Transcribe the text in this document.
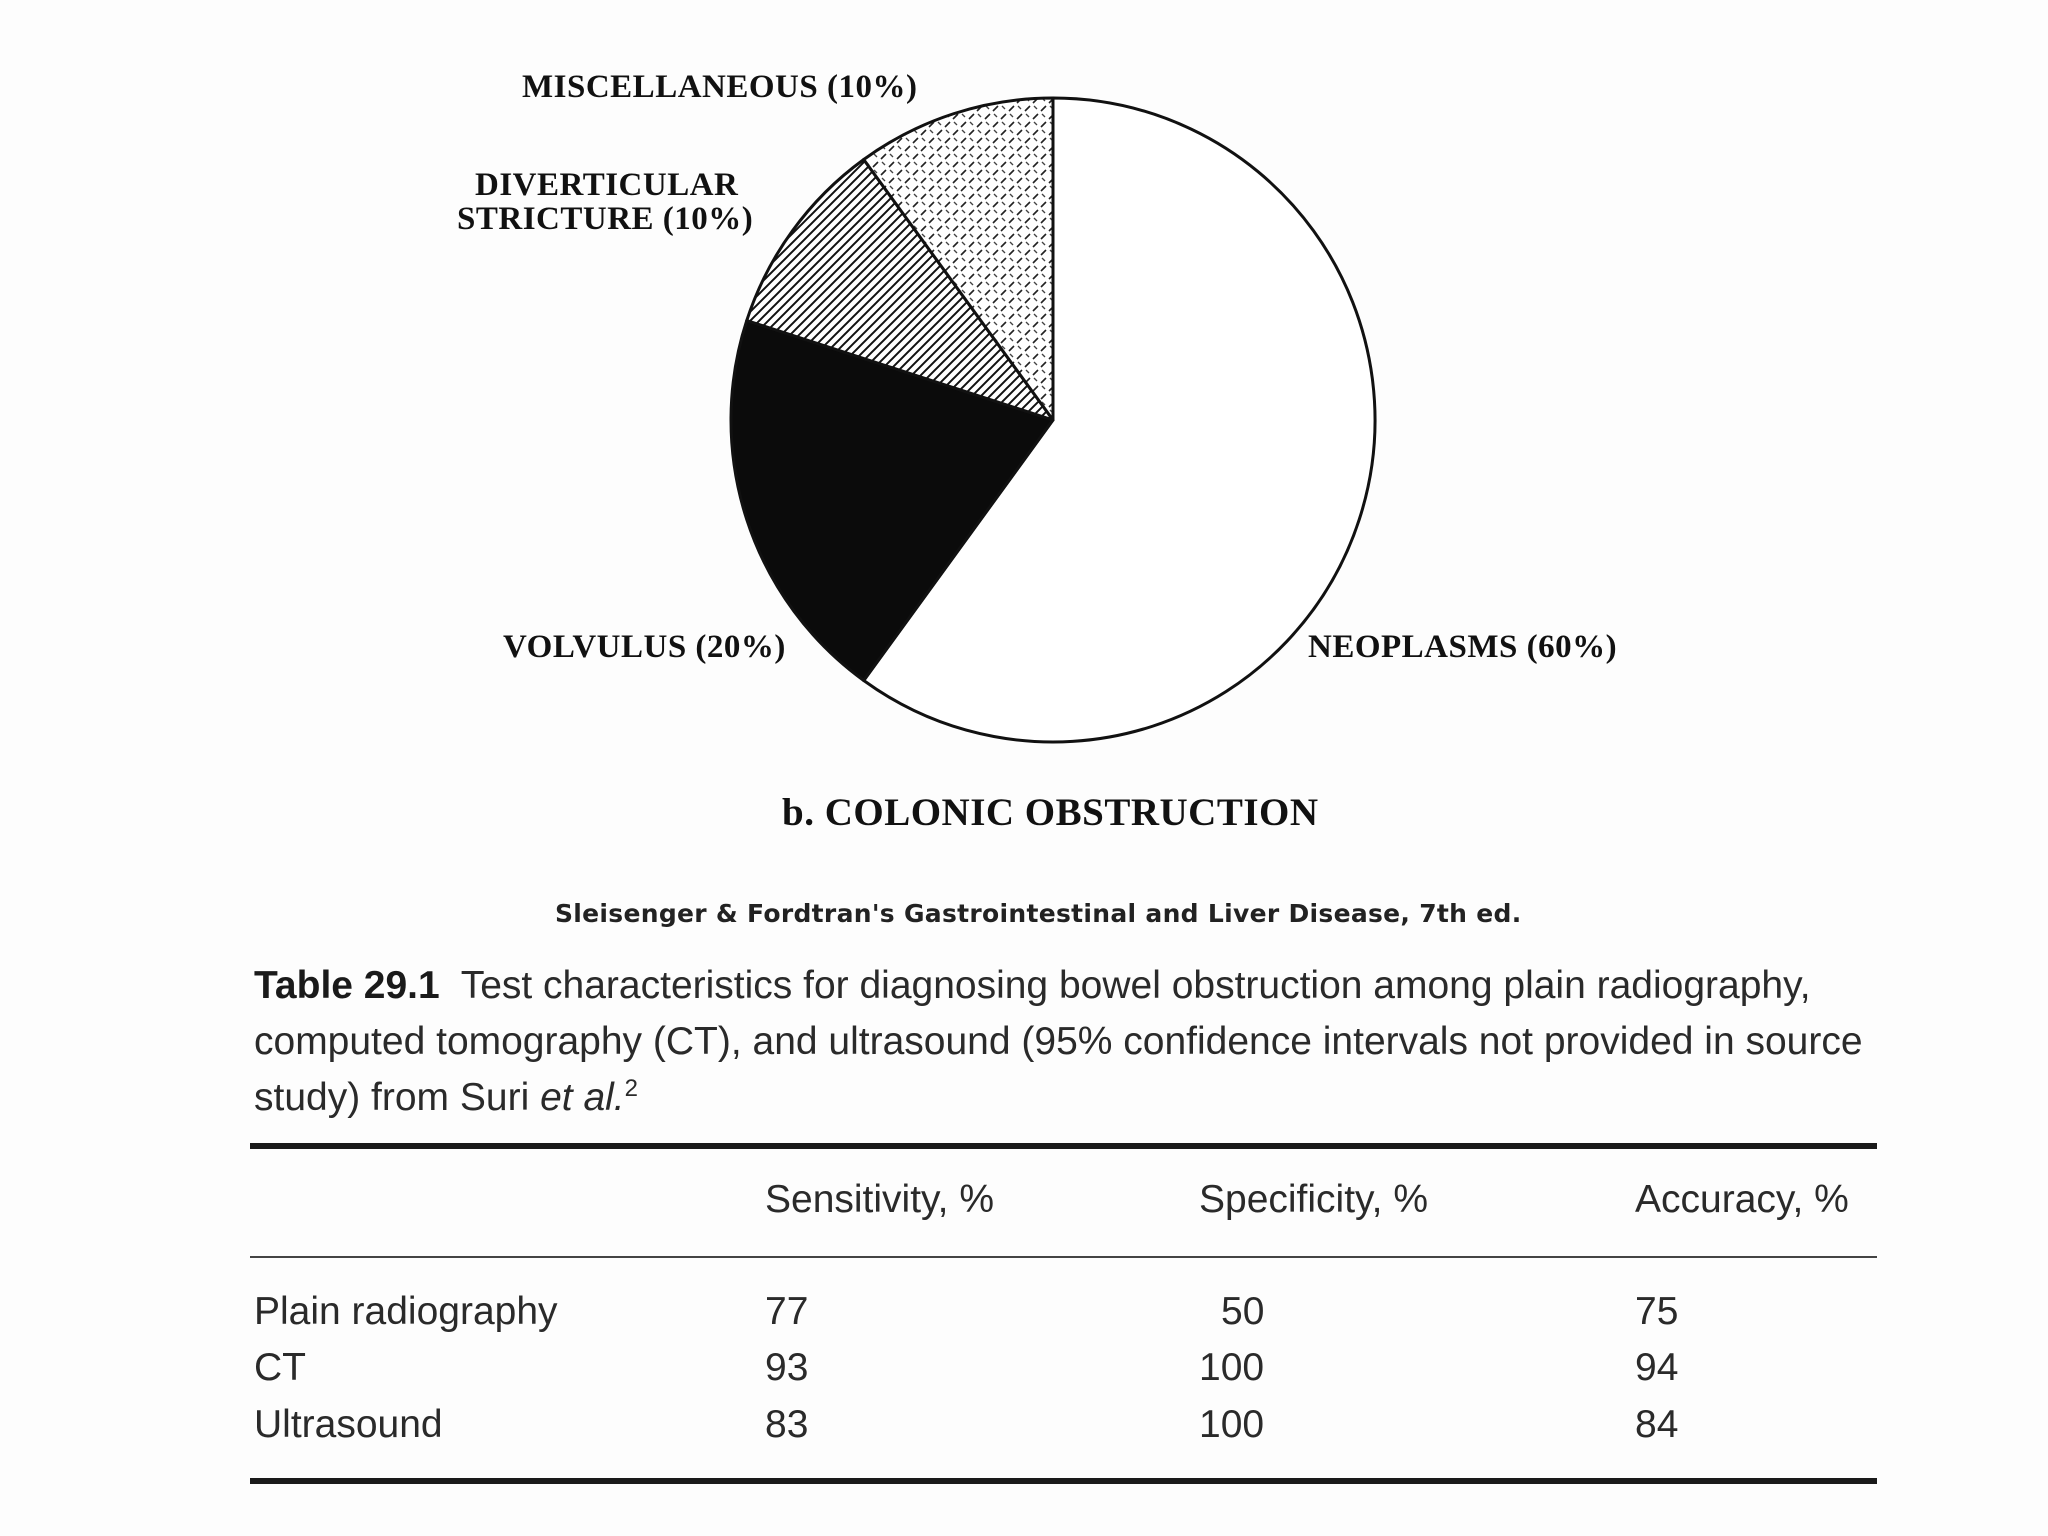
MISCELLANEOUS (10%)
DIVERTICULAR
STRICTURE (10%)
VOLVULUS (20%)	NEOPLASMS (60%)
b. COLONIC OBSTRUCTION
Sleisenger & Fordtran's Gastrointestinal and Liver Disease, 7th ed.
Table 29.1 Test characteristics for diagnosing bowel obstruction among plain radiography, computed tomography (CT), and ultrasound (95% confidence intervals not provided in source study) from Suri et al.$^2$
Sensitivity, %	Specificity, %	Accuracy, %
Plain radiography	77	50	75
CT	93	100	94
Ultrasound	83	100	84
